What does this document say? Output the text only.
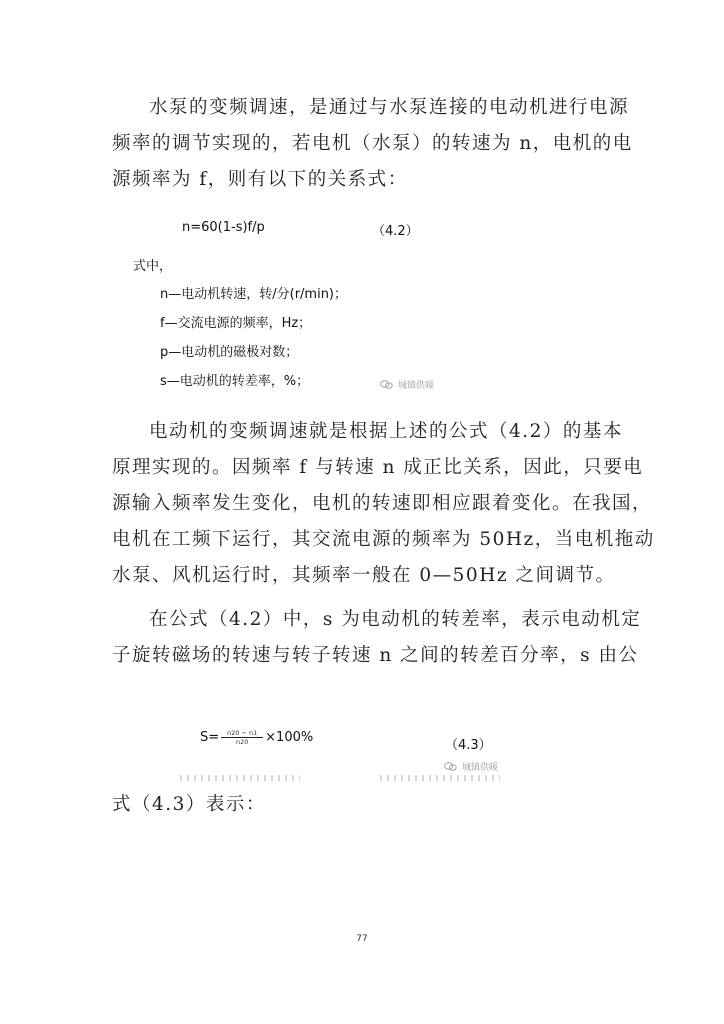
水泵的变频调速，是通过与水泵连接的电动机进行电源
频率的调节实现的，若电机（水泵）的转速为 n，电机的电
源频率为 f，则有以下的关系式：
n=60(1-s)f/p	（4.2）
式中，
n—电动机转速，转/分(r/min)；
f—交流电源的频率，Hz；
p—电动机的磁极对数；
s—电动机的转差率，%；	城镇供暖
电动机的变频调速就是根据上述的公式（4.2）的基本
原理实现的。因频率 f 与转速 n 成正比关系，因此，只要电
源输入频率发生变化，电机的转速即相应跟着变化。在我国，
电机在工频下运行，其交流电源的频率为 50Hz，当电机拖动
水泵、风机运行时，其频率一般在 0—50Hz 之间调节。
在公式（4.2）中，s 为电动机的转差率，表示电动机定
子旋转磁场的转速与转子转速 n 之间的转差百分率，s 由公
$S= \frac{n20 - n1}{n20} \times 100\%$
（4.3）
城镇供暖
式（4.3）表示：
77
